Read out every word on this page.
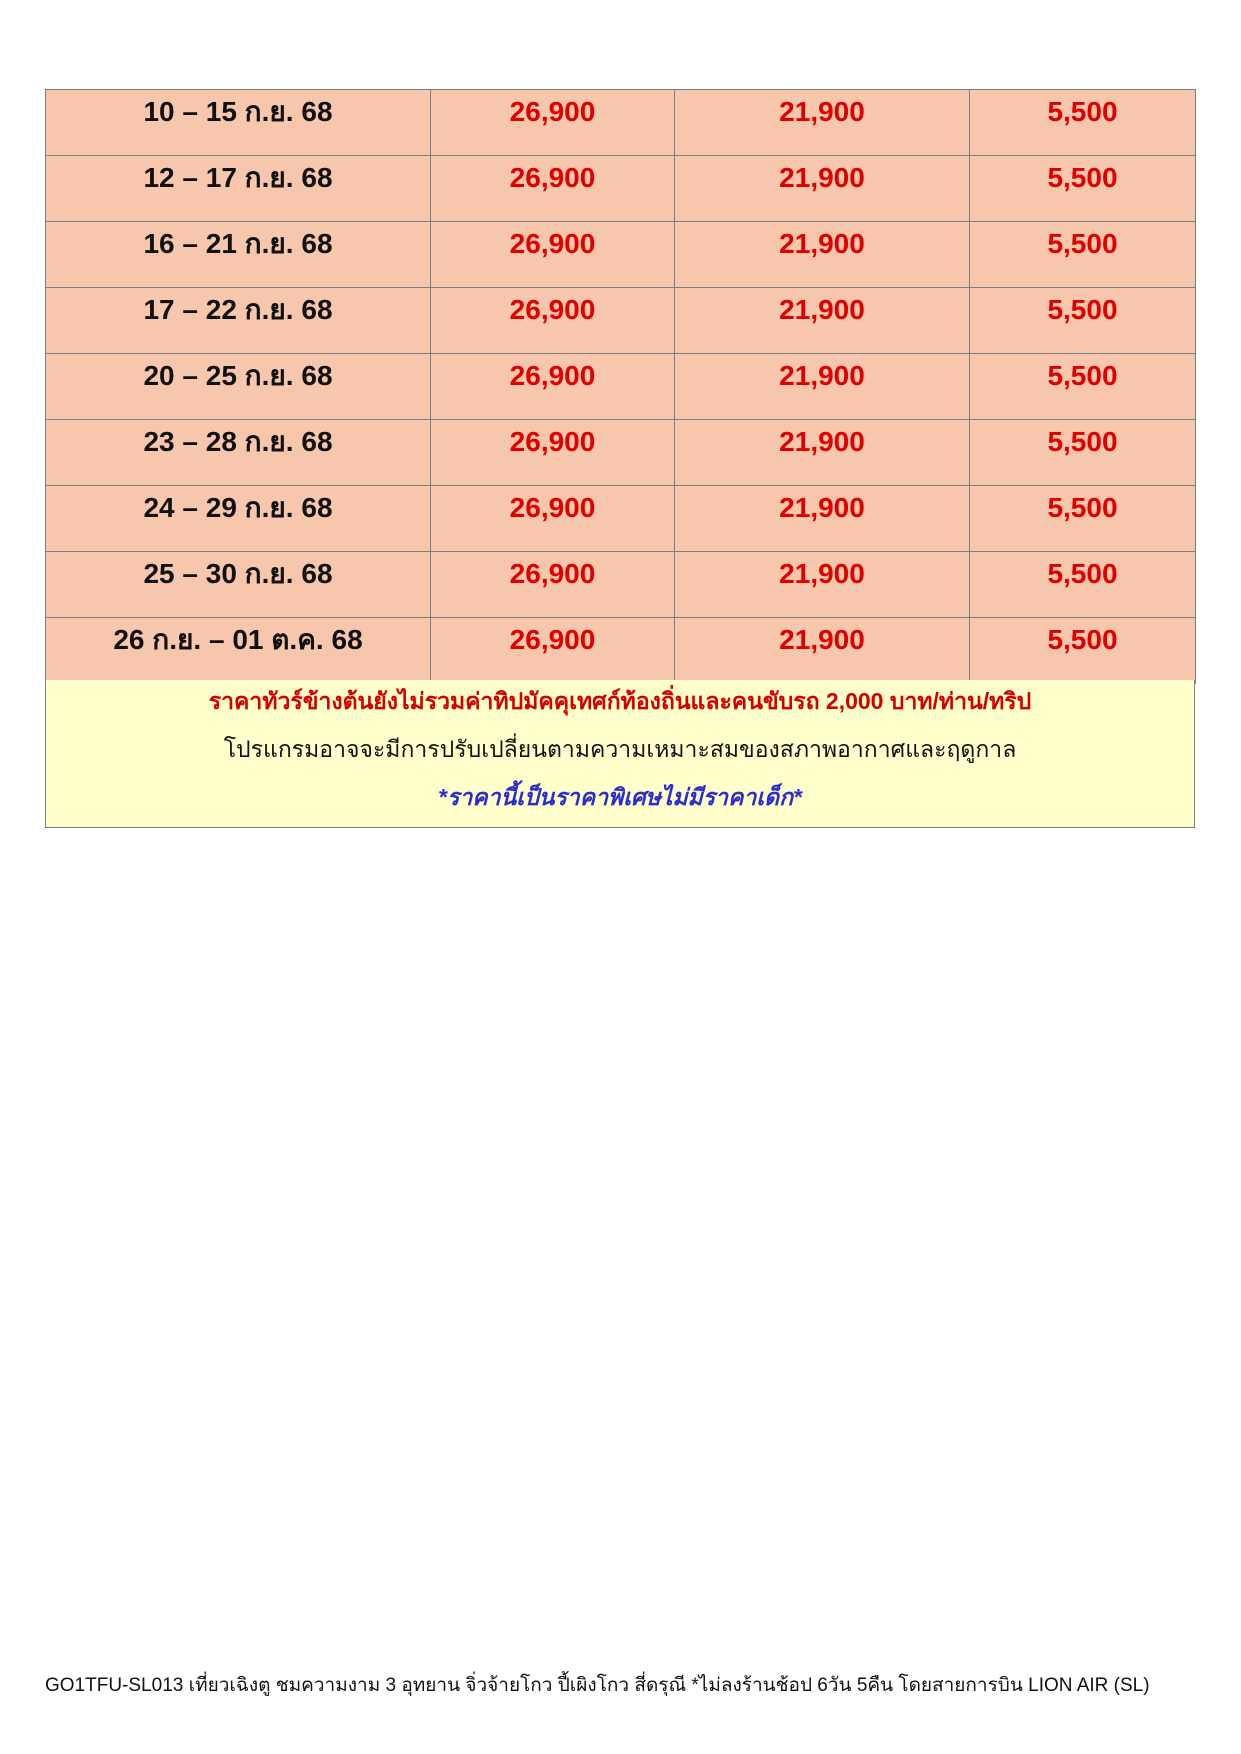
10 – 15 ก.ย. 68	26,900	21,900	5,500
12 – 17 ก.ย. 68	26,900	21,900	5,500
16 – 21 ก.ย. 68	26,900	21,900	5,500
17 – 22 ก.ย. 68	26,900	21,900	5,500
20 – 25 ก.ย. 68	26,900	21,900	5,500
23 – 28 ก.ย. 68	26,900	21,900	5,500
24 – 29 ก.ย. 68	26,900	21,900	5,500
25 – 30 ก.ย. 68	26,900	21,900	5,500
26 ก.ย. – 01 ต.ค. 68	26,900	21,900	5,500
ราคาทัวร์ข้างต้นยังไม่รวมค่าทิปมัคคุเทศก์ท้องถิ่นและคนขับรถ 2,000 บาท/ท่าน/ทริป
โปรแกรมอาจจะมีการปรับเปลี่ยนตามความเหมาะสมของสภาพอากาศและฤดูกาล
*ราคานี้เป็นราคาพิเศษไม่มีราคาเด็ก*
GO1TFU-SL013 เที่ยวเฉิงตู ชมความงาม 3 อุทยาน จิ่วจ้ายโกว ปี้เผิงโกว สี่ดรุณี *ไม่ลงร้านช้อป 6วัน 5คืน โดยสายการบิน LION AIR (SL)
